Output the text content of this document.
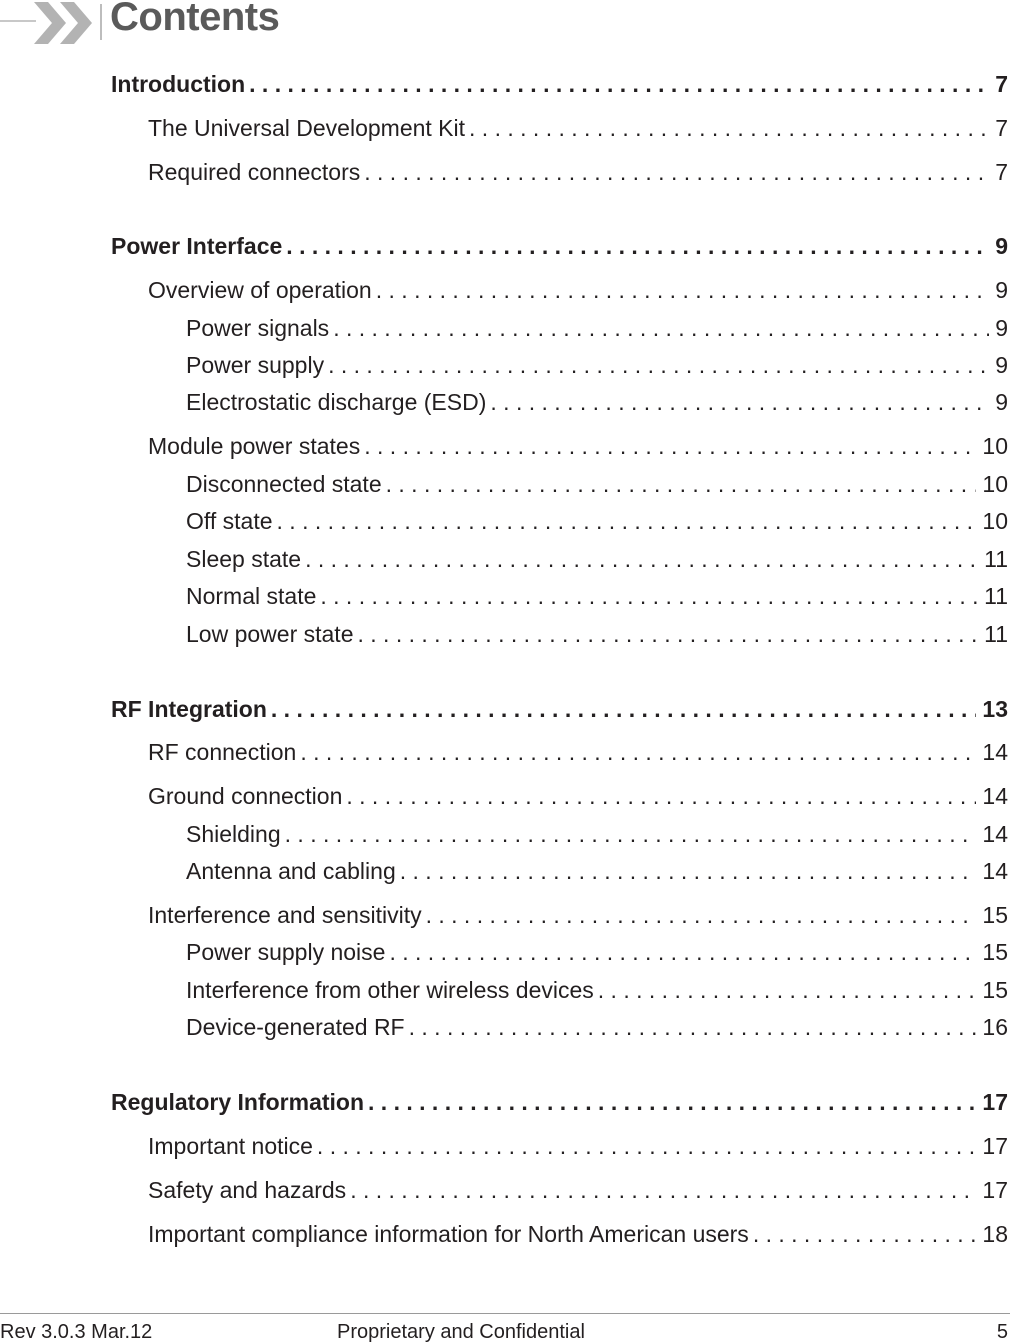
Contents
Introduction . . .	7
The Universal Development Kit . . .	7
Required connectors . . .	7
Power Interface . . .	9
Overview of operation . . .	9
Power signals . . .	9
Power supply . . .	9
Electrostatic discharge (ESD) . . .	9
Module power states . . .	10
Disconnected state . . .	10
Off state . . .	10
Sleep state . . .	11
Normal state . . .	11
Low power state . . .	11
RF Integration . . .	13
RF connection . . .	14
Ground connection . . .	14
Shielding . . .	14
Antenna and cabling . . .	14
Interference and sensitivity . . .	15
Power supply noise . . .	15
Interference from other wireless devices . . .	15
Device-generated RF . . .	16
Regulatory Information . . .	17
Important notice . . .	17
Safety and hazards . . .	17
Important compliance information for North American users . . .	18
Rev 3.0.3 Mar.12	Proprietary and Confidential	5
